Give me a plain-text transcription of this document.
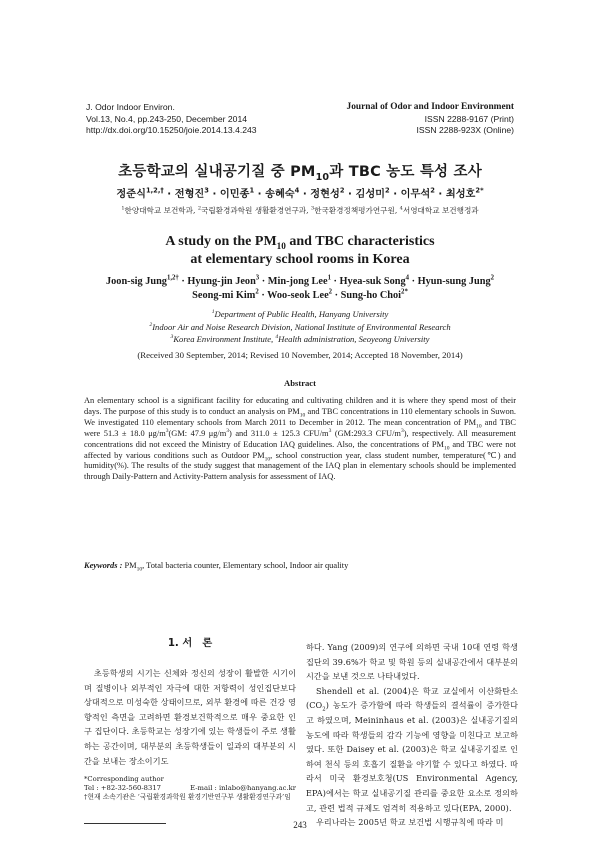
J. Odor Indoor Environ.
Vol.13, No.4, pp.243-250, December 2014
http://dx.doi.org/10.15250/joie.2014.13.4.243
Journal of Odor and Indoor Environment
ISSN 2288-9167 (Print)
ISSN 2288-923X (Online)
초등학교의 실내공기질 중 $PM_{10}$과 TBC 농도 특성 조사
정준식$^{1,2,\dagger}$ · 전형진$^3$ · 이민종$^1$ · 송혜숙$^4$ · 정현성$^2$ · 김성미$^2$ · 이무석$^2$ · 최성호$^{2*}$
$^1$한양대학교 보건학과, $^2$국립환경과학원 생활환경연구과, $^3$한국환경정책평가연구원, $^4$서영대학교 보건행정과
A study on the $PM_{10}$ and TBC characteristics
at elementary school rooms in Korea
Joon-sig Jung$^{1,2\dagger}$ · Hyung-jin Jeon$^3$ · Min-jong Lee$^1$ · Hyea-suk Song$^4$ · Hyun-sung Jung$^2$
Seong-mi Kim$^2$ · Woo-seok Lee$^2$ · Sung-ho Choi$^{2*}$
$^1$Department of Public Health, Hanyang University
$^2$Indoor Air and Noise Research Division, National Institute of Environmental Research
$^3$Korea Environment Institute, $^4$Health administration, Seoyeong University
(Received 30 September, 2014; Revised 10 November, 2014; Accepted 18 November, 2014)
Abstract
An elementary school is a significant facility for educating and cultivating children and it is where they spend most of their days. The purpose of this study is to conduct an analysis on $PM_{10}$ and TBC concentrations in 110 elementary schools in Suwon. We investigated 110 elementary schools from March 2011 to December in 2012. The mean concentration of $PM_{10}$ and TBC were 51.3 ± 18.0 $\mu g/m^3(GM$: 47.9 $\mu g/m^3$) and 311.0 ± 125.3 CFU/$m^3$ (GM:293.3 CFU/$m^3$), respectively. All measurement concentrations did not exceed the Ministry of Education IAQ guidelines. Also, the concentrations of $PM_{10}$ and TBC were not affected by various conditions such as Outdoor $PM_{10}$, school construction year, class student number, temperature(℃) and humidity(%). The results of the study suggest that management of the IAQ plan in elementary schools should be implemented through Daily-Pattern and Activity-Pattern analysis for assessment of IAQ.
Keywords : $PM_{10}$, Total bacteria counter, Elementary school, Indoor air quality
1. 서　론
초등학생의 시기는 신체와 정신의 성장이 활발한 시기이며 질병이나 외부적인 자극에 대한 저항력이 성인집단보다 상대적으로 미성숙한 상태이므로, 외부 환경에 따른 건강 영향적인 측면을 고려하면 환경보건학적으로 매우 중요한 인구 집단이다. 초등학교는 성장기에 있는 학생들이 주로 생활하는 공간이며, 대부분의 초등학생들이 일과의 대부분의 시간을 보내는 장소이기도
하다. Yang (2009)의 연구에 의하면 국내 10대 연령 학생 집단의 39.6%가 학교 및 학원 등의 실내공간에서 대부분의 시간을 보낸 것으로 나타내었다.
Shendell et al. (2004)은 학교 교실에서 이산화탄소$(CO_2)$ 농도가 증가함에 따라 학생들의 결석률이 증가한다고 하였으며, Meininhaus et al. (2003)은 실내공기질의 농도에 따라 학생들의 감각 기능에 영향을 미친다고 보고하였다. 또한 Daisey et al. (2003)은 학교 실내공기질로 인하여 천식 등의 호흡기 질환을 야기할 수 있다고 하였다. 따라서 미국 환경보호청(US Environmental Agency, EPA)에서는 학교 실내공기질 관리를 중요한 요소로 정의하고, 관련 법적 규제도 엄격히 적용하고 있다(EPA, 2000).
우리나라는 2005년 학교 보건법 시행규칙에 따라 미
*Corresponding author
Tel : +82-32-560-8317	E-mail : inlabo@hanyang.ac.kr
†현재 소속기관은 ‘국립환경과학원 환경기반연구부 생활환경연구과’임
243
